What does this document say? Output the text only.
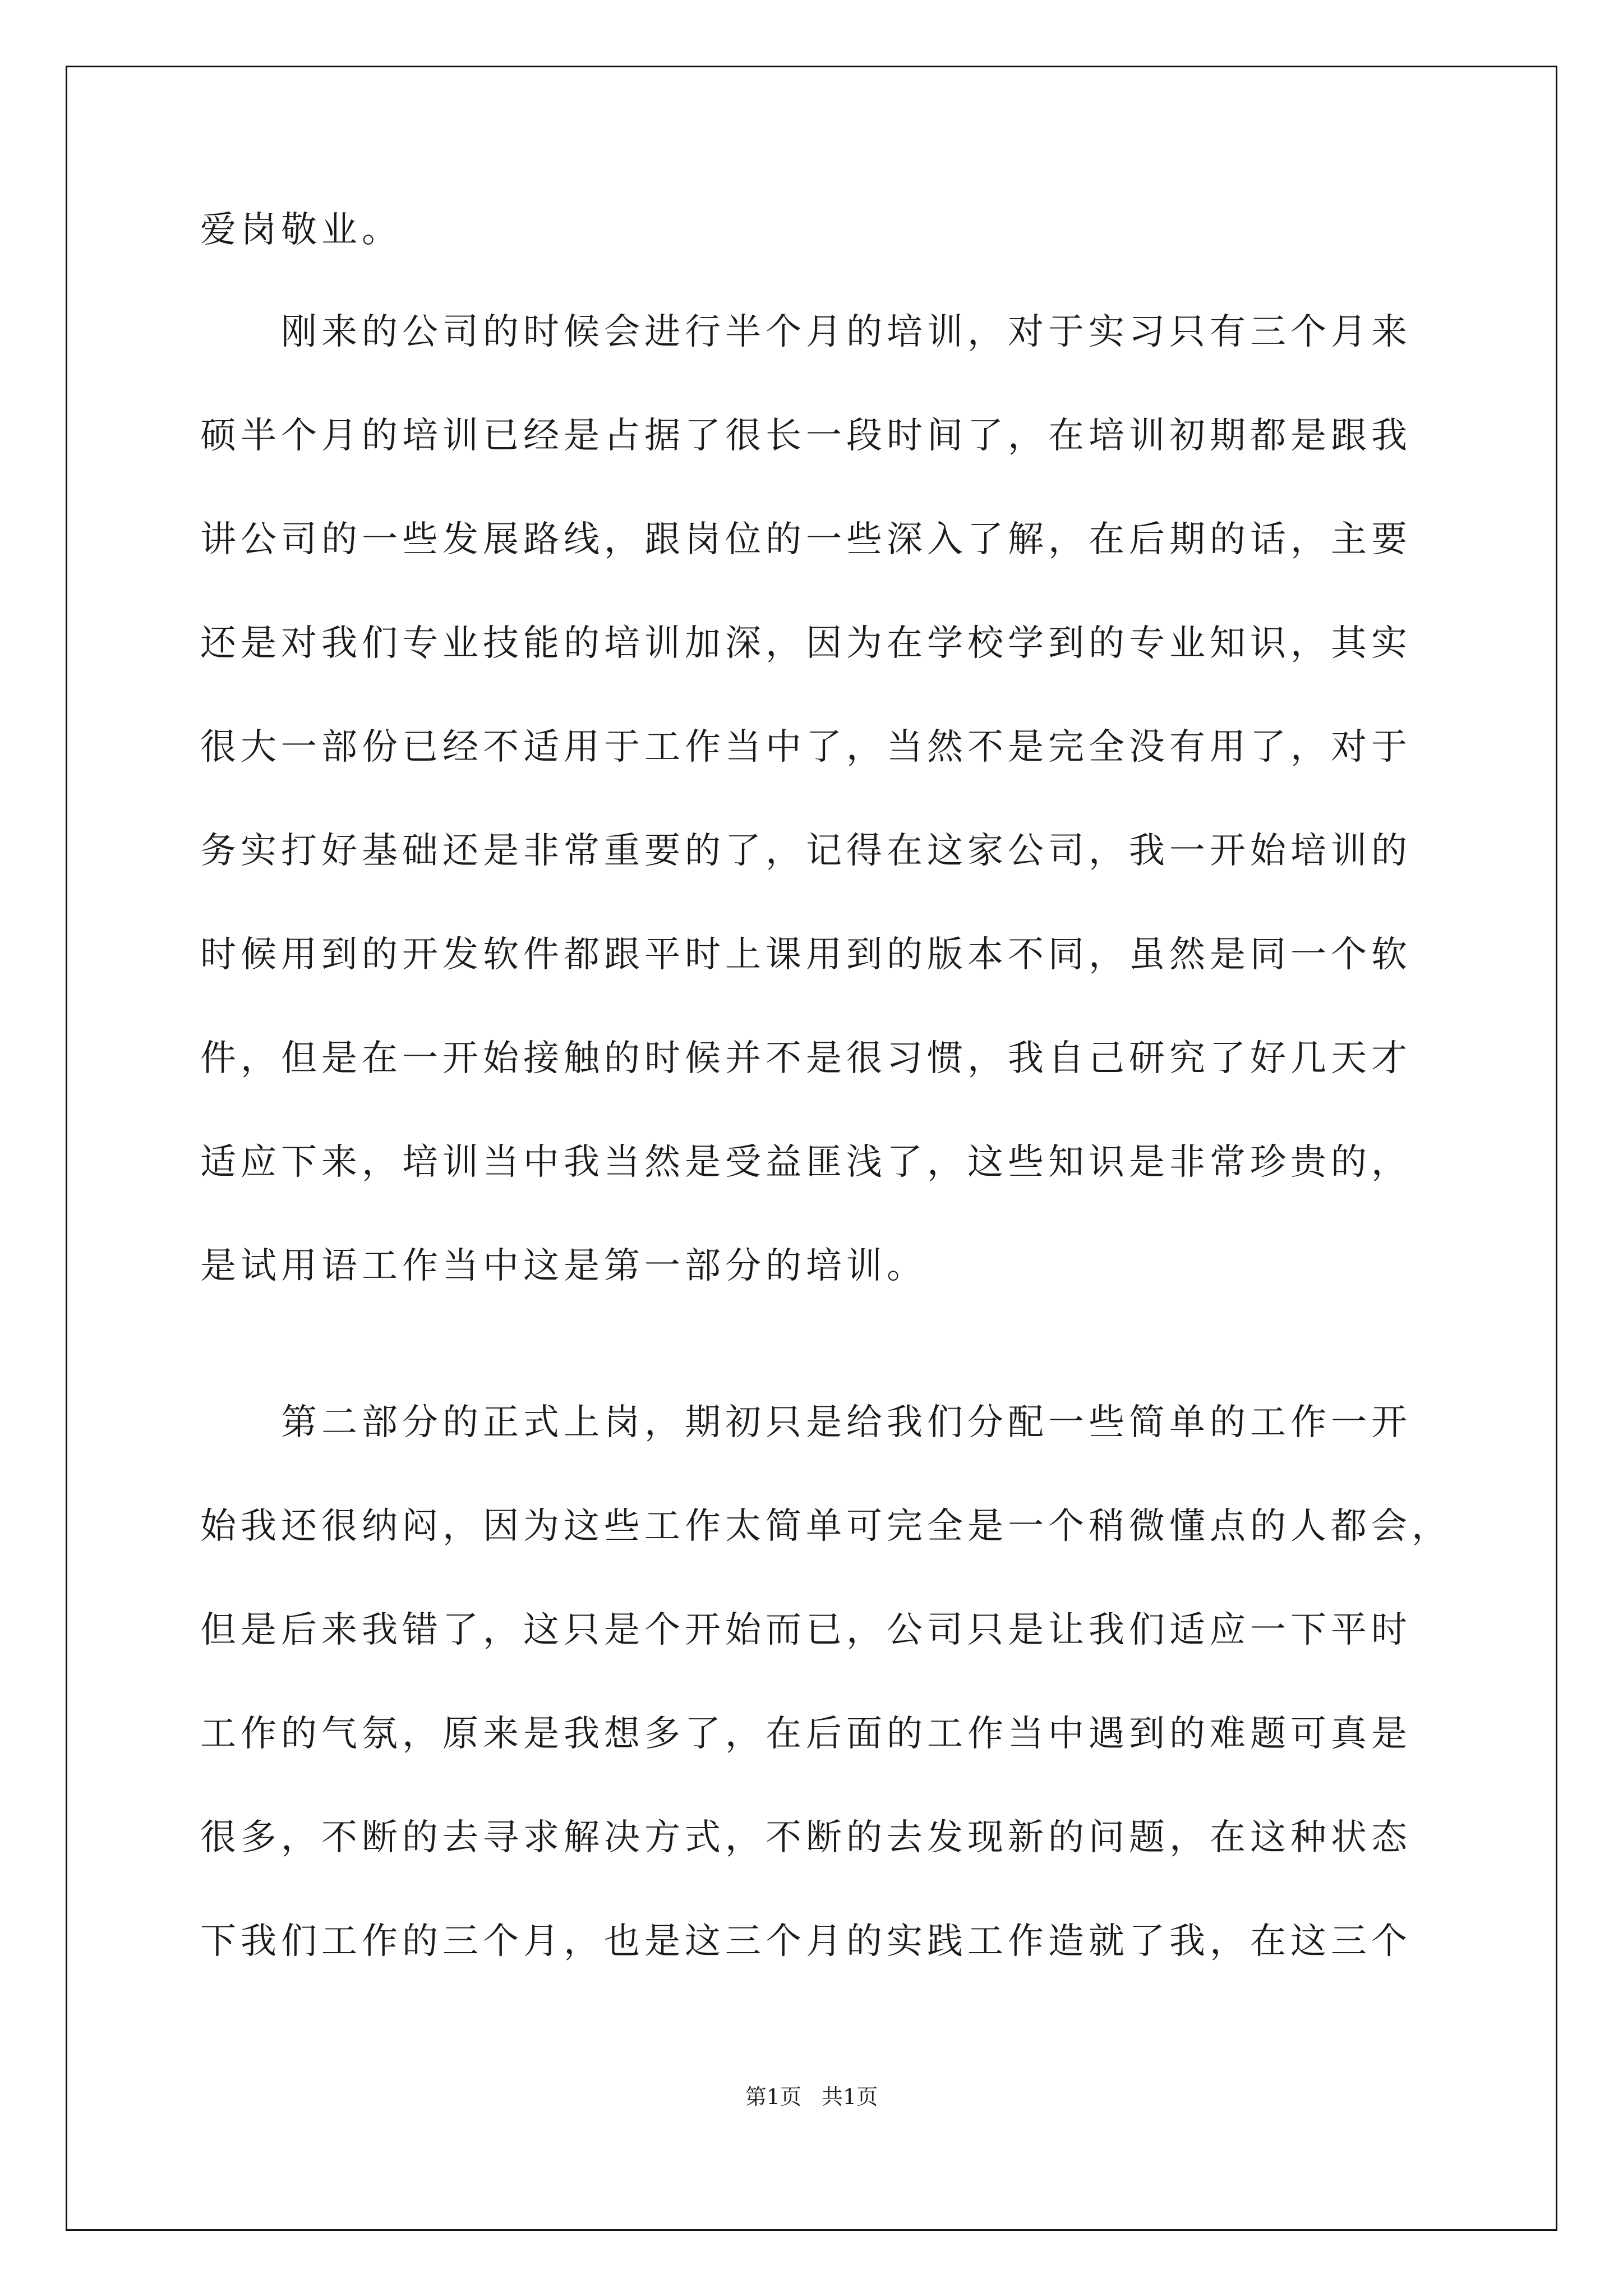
爱岗敬业。
　　刚来的公司的时候会进行半个月的培训，对于实习只有三个月来
硕半个月的培训已经是占据了很长一段时间了，在培训初期都是跟我
讲公司的一些发展路线，跟岗位的一些深入了解，在后期的话，主要
还是对我们专业技能的培训加深，因为在学校学到的专业知识，其实
很大一部份已经不适用于工作当中了，当然不是完全没有用了，对于
务实打好基础还是非常重要的了，记得在这家公司，我一开始培训的
时候用到的开发软件都跟平时上课用到的版本不同，虽然是同一个软
件，但是在一开始接触的时候并不是很习惯，我自己研究了好几天才
适应下来，培训当中我当然是受益匪浅了，这些知识是非常珍贵的，
是试用语工作当中这是第一部分的培训。
　　第二部分的正式上岗，期初只是给我们分配一些简单的工作一开
始我还很纳闷，因为这些工作太简单可完全是一个稍微懂点的人都会，
但是后来我错了，这只是个开始而已，公司只是让我们适应一下平时
工作的气氛，原来是我想多了，在后面的工作当中遇到的难题可真是
很多，不断的去寻求解决方式，不断的去发现新的问题，在这种状态
下我们工作的三个月，也是这三个月的实践工作造就了我，在这三个
第1页 共1页
